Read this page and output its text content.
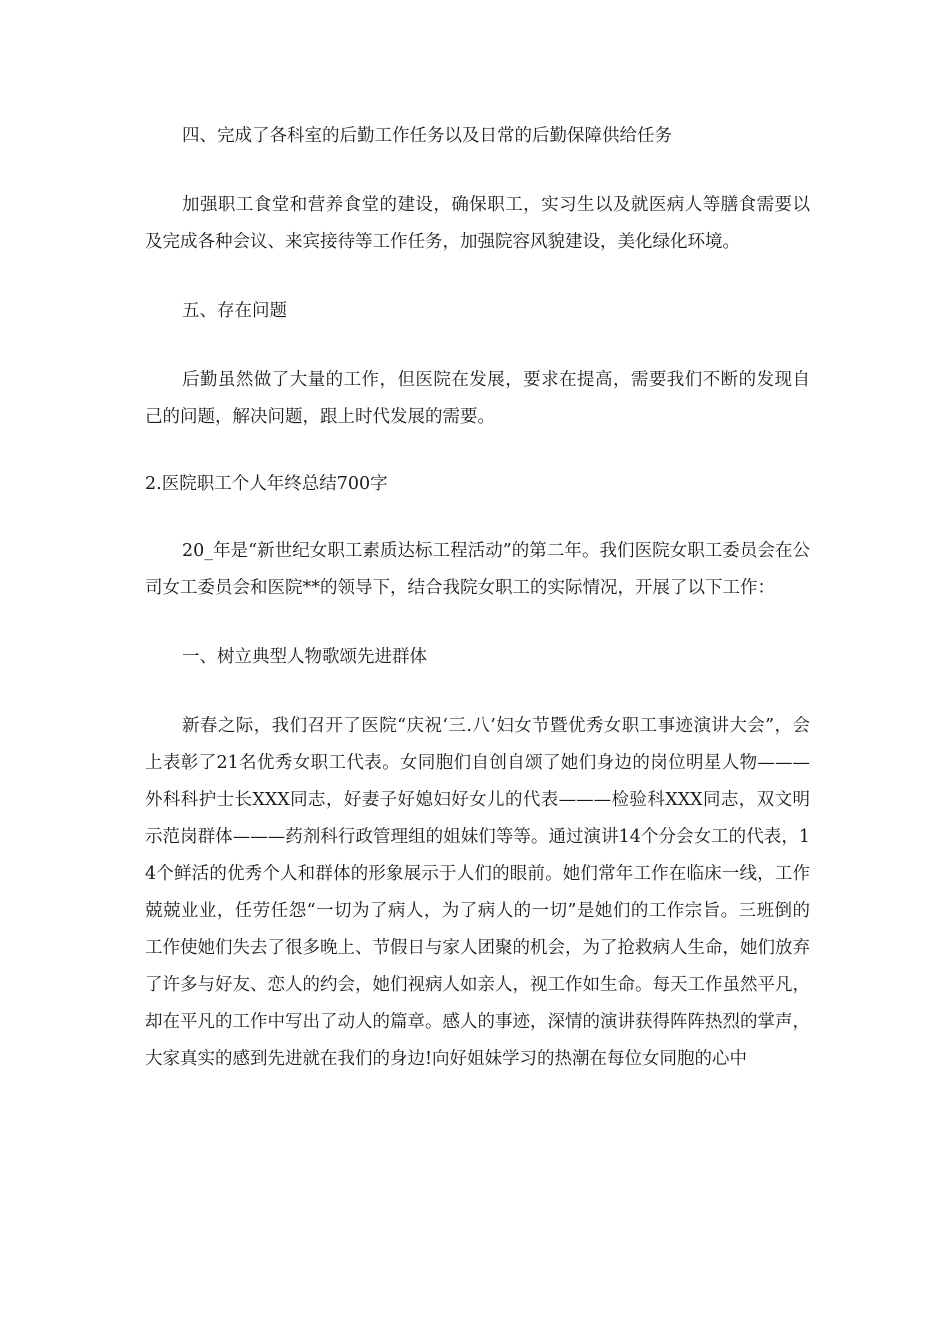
四、完成了各科室的后勤工作任务以及日常的后勤保障供给任务

加强职工食堂和营养食堂的建设，确保职工，实习生以及就医病人等膳食需要以及完成各种会议、来宾接待等工作任务，加强院容风貌建设，美化绿化环境。

五、存在问题

后勤虽然做了大量的工作，但医院在发展，要求在提高，需要我们不断的发现自己的问题，解决问题，跟上时代发展的需要。

2.医院职工个人年终总结700字

20_年是“新世纪女职工素质达标工程活动”的第二年。我们医院女职工委员会在公司女工委员会和医院**的领导下，结合我院女职工的实际情况，开展了以下工作：

一、树立典型人物歌颂先进群体

新春之际，我们召开了医院“庆祝‘三.八’妇女节暨优秀女职工事迹演讲大会”，会上表彰了21名优秀女职工代表。女同胞们自创自颂了她们身边的岗位明星人物———外科科护士长XXX同志，好妻子好媳妇好女儿的代表———检验科XXX同志，双文明示范岗群体———药剂科行政管理组的姐妹们等等。通过演讲14个分会女工的代表，14个鲜活的优秀个人和群体的形象展示于人们的眼前。她们常年工作在临床一线，工作兢兢业业，任劳任怨“一切为了病人，为了病人的一切”是她们的工作宗旨。三班倒的工作使她们失去了很多晚上、节假日与家人团聚的机会，为了抢救病人生命，她们放弃了许多与好友、恋人的约会，她们视病人如亲人，视工作如生命。每天工作虽然平凡，却在平凡的工作中写出了动人的篇章。感人的事迹，深情的演讲获得阵阵热烈的掌声，大家真实的感到先进就在我们的身边!向好姐妹学习的热潮在每位女同胞的心中
